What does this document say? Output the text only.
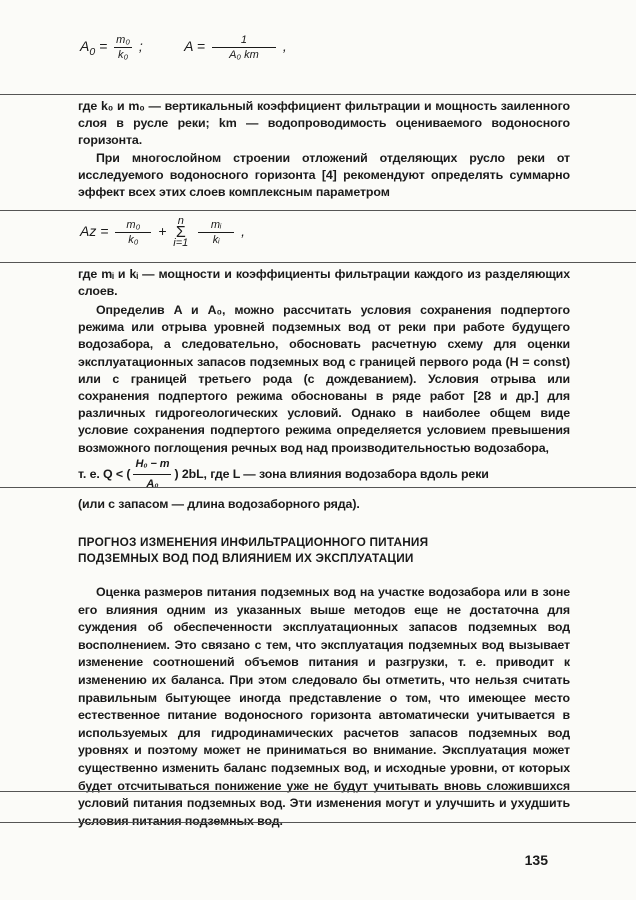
$A_0 = \frac{\text{m₀}}{\text{k₀}}$ ;	$A = \frac{1}{\text{A₀ km}}$ ,
где k₀ и m₀ — вертикальный коэффициент фильтрации и мощность заиленного слоя в русле реки; km — водопроводимость оцениваемого водоносного горизонта.
При многослойном строении отложений отделяющих русло реки от исследуемого водоносного горизонта [4] рекомендуют определять суммарно эффект всех этих слоев комплексным параметром
$Az = \frac{\text{m₀}}{\text{k₀}}$ +
n
Σ
i=1
$\frac{\text{mᵢ}}{\text{kᵢ}}$ ,
где mᵢ и kᵢ — мощности и коэффициенты фильтрации каждого из разделяющих слоев.
Определив A и A₀, можно рассчитать условия сохранения подпертого режима или отрыва уровней подземных вод от реки при работе будущего водозабора, а следовательно, обосновать расчетную схему для оценки эксплуатационных запасов подземных вод с границей первого рода (H = const) или с границей третьего рода (с дождеванием). Условия отрыва или сохранения подпертого режима обоснованы в ряде работ [28 и др.] для различных гидрогеологических условий. Однако в наиболее общем виде условие сохранения подпертого режима определяется условием превышения возможного поглощения речных вод над производительностью водозабора,
т. е. Q < ( $\frac{\text{H₀ − m}}{\text{A₀}}$ ) 2bL, где L — зона влияния водозабора вдоль реки
(или с запасом — длина водозаборного ряда).
ПРОГНОЗ ИЗМЕНЕНИЯ ИНФИЛЬТРАЦИОННОГО ПИТАНИЯ
ПОДЗЕМНЫХ ВОД ПОД ВЛИЯНИЕМ ИХ ЭКСПЛУАТАЦИИ
Оценка размеров питания подземных вод на участке водозабора или в зоне его влияния одним из указанных выше методов еще не достаточна для суждения об обеспеченности эксплуатационных запасов подземных вод восполнением. Это связано с тем, что эксплуатация подземных вод вызывает изменение соотношений объемов питания и разгрузки, т. е. приводит к изменению их баланса. При этом следовало бы отметить, что нельзя считать правильным бытующее иногда представление о том, что имеющее место естественное питание водоносного горизонта автоматически учитывается в используемых для гидродинамических расчетов запасов подземных вод уровнях и поэтому может не приниматься во внимание. Эксплуатация может существенно изменить баланс подземных вод, и исходные уровни, от которых будет отсчитываться понижение уже не будут учитывать вновь сложившихся условий питания подземных вод. Эти изменения могут и улучшить и ухудшить условия питания подземных вод.
135
